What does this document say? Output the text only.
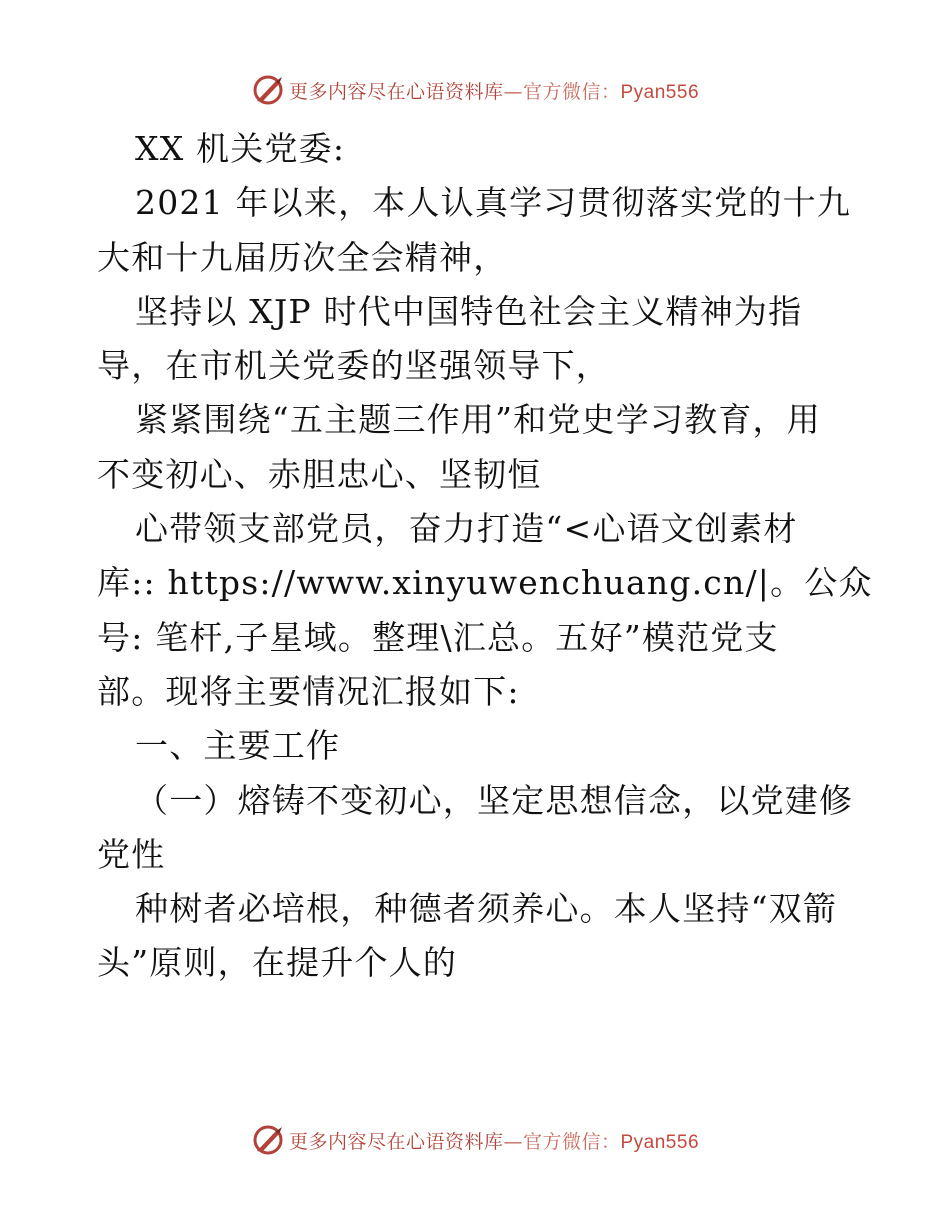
更多内容尽在心语资料库—官方微信：Pyan556
XX 机关党委:
2021 年以来，本人认真学习贯彻落实党的十九
大和十九届历次全会精神，
坚持以 XJP 时代中国特色社会主义精神为指
导，在市机关党委的坚强领导下，
紧紧围绕“五主题三作用”和党史学习教育，用
不变初心、赤胆忠心、坚韧恒
心带领支部党员，奋力打造“<心语文创素材
库:: https://www.xinyuwenchuang.cn/|。公众
号: 笔杆,子星域。整理\汇总。五好”模范党支
部。现将主要情况汇报如下:
一、主要工作
（一）熔铸不变初心，坚定思想信念，以党建修
党性
种树者必培根，种德者须养心。本人坚持“双箭
头”原则，在提升个人的
更多内容尽在心语资料库—官方微信：Pyan556
